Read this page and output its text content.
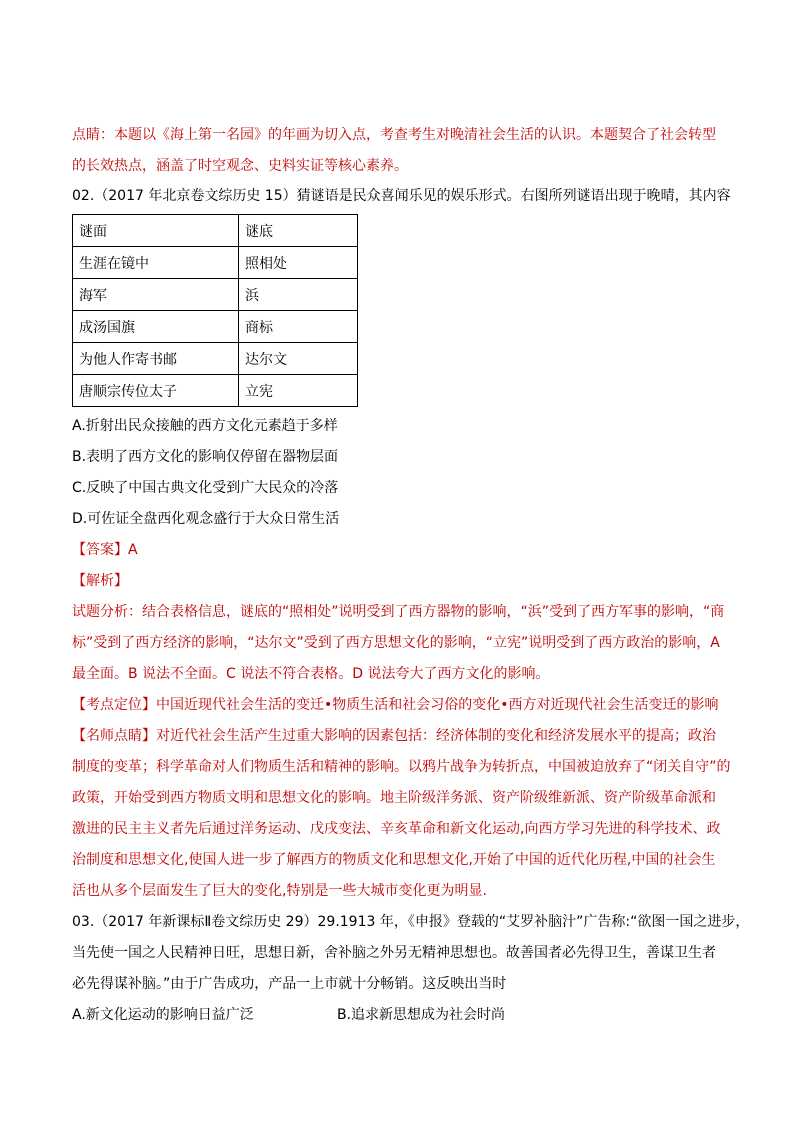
点睛：本题以《海上第一名园》的年画为切入点，考查考生对晚清社会生活的认识。本题契合了社会转型
的长效热点，涵盖了时空观念、史料实证等核心素养。
02.（2017 年北京卷文综历史 15）猜谜语是民众喜闻乐见的娱乐形式。右图所列谜语出现于晚晴，其内容
谜面	谜底
生涯在镜中	照相处
海军	浜
成汤国旗	商标
为他人作寄书邮	达尔文
唐顺宗传位太子	立宪
A.折射出民众接触的西方文化元素趋于多样
B.表明了西方文化的影响仅停留在器物层面
C.反映了中国古典文化受到广大民众的冷落
D.可佐证全盘西化观念盛行于大众日常生活
【答案】A
【解析】
试题分析：结合表格信息，谜底的“照相处”说明受到了西方器物的影响，“浜”受到了西方军事的影响，“商
标”受到了西方经济的影响，“达尔文”受到了西方思想文化的影响，“立宪”说明受到了西方政治的影响，A
最全面。B 说法不全面。C 说法不符合表格。D 说法夸大了西方文化的影响。
【考点定位】中国近现代社会生活的变迁•物质生活和社会习俗的变化•西方对近现代社会生活变迁的影响
【名师点睛】对近代社会生活产生过重大影响的因素包括：经济体制的变化和经济发展水平的提高；政治
制度的变革；科学革命对人们物质生活和精神的影响。以鸦片战争为转折点，中国被迫放弃了“闭关自守”的
政策，开始受到西方物质文明和思想文化的影响。地主阶级洋务派、资产阶级维新派、资产阶级革命派和
激进的民主主义者先后通过洋务运动、戊戌变法、辛亥革命和新文化运动,向西方学习先进的科学技术、政
治制度和思想文化,使国人进一步了解西方的物质文化和思想文化,开始了中国的近代化历程,中国的社会生
活也从多个层面发生了巨大的变化,特别是一些大城市变化更为明显.
03.（2017 年新课标Ⅱ卷文综历史 29）29.1913 年，《申报》登载的“艾罗补脑汁”广告称:“欲图一国之进步，
当先使一国之人民精神日旺，思想日新，舍补脑之外另无精神思想也。故善国者必先得卫生，善谋卫生者
必先得谋补脑。”由于广告成功，产品一上市就十分畅销。这反映出当时
A.新文化运动的影响日益广泛	B.追求新思想成为社会时尚
